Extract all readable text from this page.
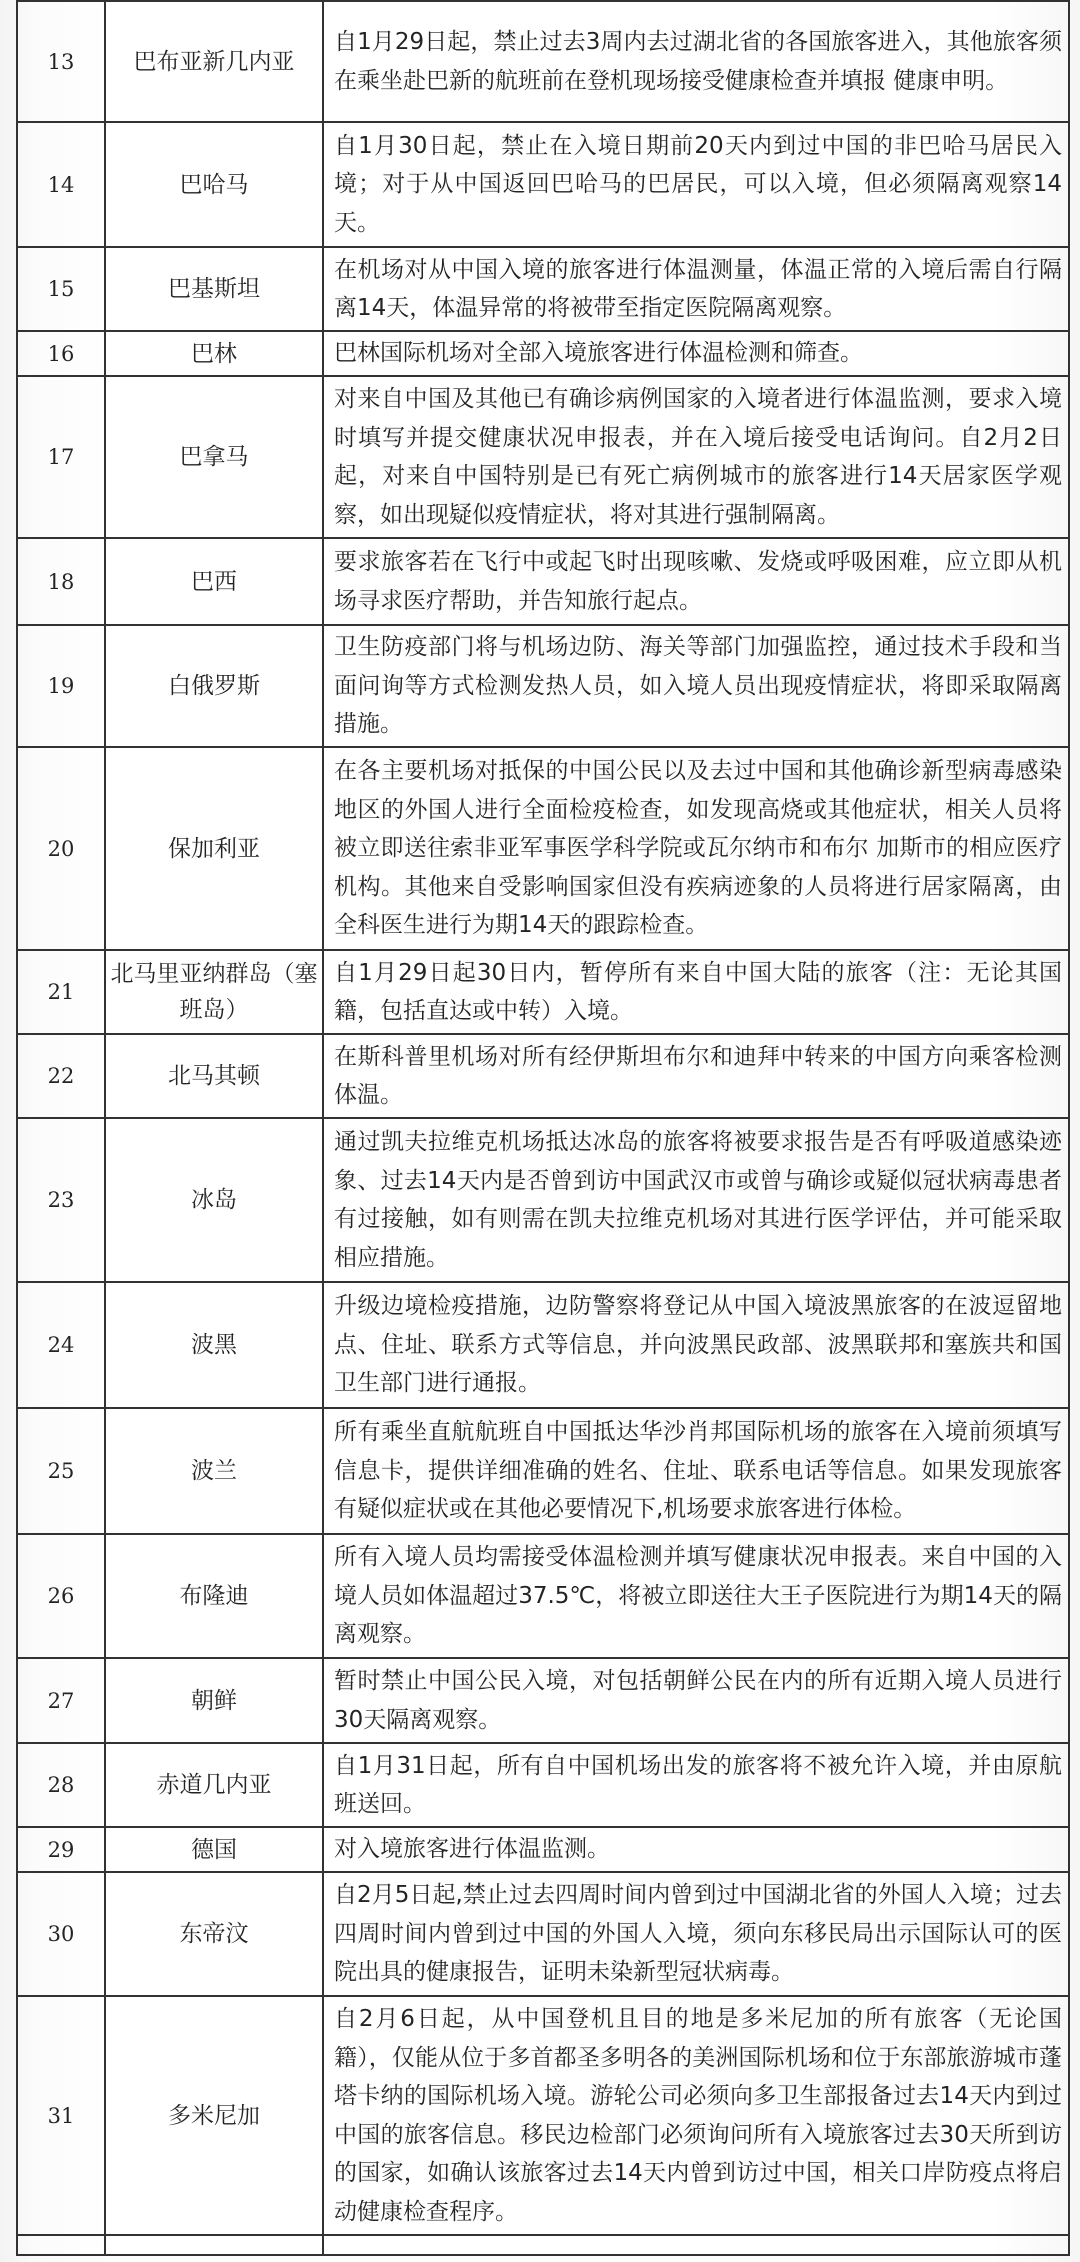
13	巴布亚新几内亚	自1月29日起，禁止过去3周内去过湖北省的各国旅客进入，其他旅客须在乘坐赴巴新的航班前在登机现场接受健康检查并填报 健康申明。
14	巴哈马	自1月30日起，禁止在入境日期前20天内到过中国的非巴哈马居民入境；对于从中国返回巴哈马的巴居民，可以入境，但必须隔离观察14天。
15	巴基斯坦	在机场对从中国入境的旅客进行体温测量，体温正常的入境后需自行隔离14天，体温异常的将被带至指定医院隔离观察。
16	巴林	巴林国际机场对全部入境旅客进行体温检测和筛查。
17	巴拿马	对来自中国及其他已有确诊病例国家的入境者进行体温监测，要求入境时填写并提交健康状况申报表，并在入境后接受电话询问。自2月2日起，对来自中国特别是已有死亡病例城市的旅客进行14天居家医学观察，如出现疑似疫情症状，将对其进行强制隔离。
18	巴西	要求旅客若在飞行中或起飞时出现咳嗽、发烧或呼吸困难，应立即从机场寻求医疗帮助，并告知旅行起点。
19	白俄罗斯	卫生防疫部门将与机场边防、海关等部门加强监控，通过技术手段和当面问询等方式检测发热人员，如入境人员出现疫情症状，将即采取隔离措施。
20	保加利亚	在各主要机场对抵保的中国公民以及去过中国和其他确诊新型病毒感染地区的外国人进行全面检疫检查，如发现高烧或其他症状，相关人员将被立即送往索非亚军事医学科学院或瓦尔纳市和布尔 加斯市的相应医疗机构。其他来自受影响国家但没有疾病迹象的人员将进行居家隔离，由全科医生进行为期14天的跟踪检查。
21	北马里亚纳群岛（塞班岛）	自1月29日起30日内，暂停所有来自中国大陆的旅客（注：无论其国籍，包括直达或中转）入境。
22	北马其顿	在斯科普里机场对所有经伊斯坦布尔和迪拜中转来的中国方向乘客检测体温。
23	冰岛	通过凯夫拉维克机场抵达冰岛的旅客将被要求报告是否有呼吸道感染迹象、过去14天内是否曾到访中国武汉市或曾与确诊或疑似冠状病毒患者有过接触，如有则需在凯夫拉维克机场对其进行医学评估，并可能采取相应措施。
24	波黑	升级边境检疫措施，边防警察将登记从中国入境波黑旅客的在波逗留地点、住址、联系方式等信息，并向波黑民政部、波黑联邦和塞族共和国卫生部门进行通报。
25	波兰	所有乘坐直航航班自中国抵达华沙肖邦国际机场的旅客在入境前须填写信息卡，提供详细准确的姓名、住址、联系电话等信息。如果发现旅客有疑似症状或在其他必要情况下,机场要求旅客进行体检。
26	布隆迪	所有入境人员均需接受体温检测并填写健康状况申报表。来自中国的入境人员如体温超过37.5℃，将被立即送往大王子医院进行为期14天的隔离观察。
27	朝鲜	暂时禁止中国公民入境，对包括朝鲜公民在内的所有近期入境人员进行30天隔离观察。
28	赤道几内亚	自1月31日起，所有自中国机场出发的旅客将不被允许入境，并由原航班送回。
29	德国	对入境旅客进行体温监测。
30	东帝汶	自2月5日起,禁止过去四周时间内曾到过中国湖北省的外国人入境；过去四周时间内曾到过中国的外国人入境，须向东移民局出示国际认可的医院出具的健康报告，证明未染新型冠状病毒。
31	多米尼加	自2月6日起，从中国登机且目的地是多米尼加的所有旅客（无论国籍），仅能从位于多首都圣多明各的美洲国际机场和位于东部旅游城市蓬塔卡纳的国际机场入境。游轮公司必须向多卫生部报备过去14天内到过中国的旅客信息。移民边检部门必须询问所有入境旅客过去30天所到访的国家，如确认该旅客过去14天内曾到访过中国，相关口岸防疫点将启动健康检查程序。
